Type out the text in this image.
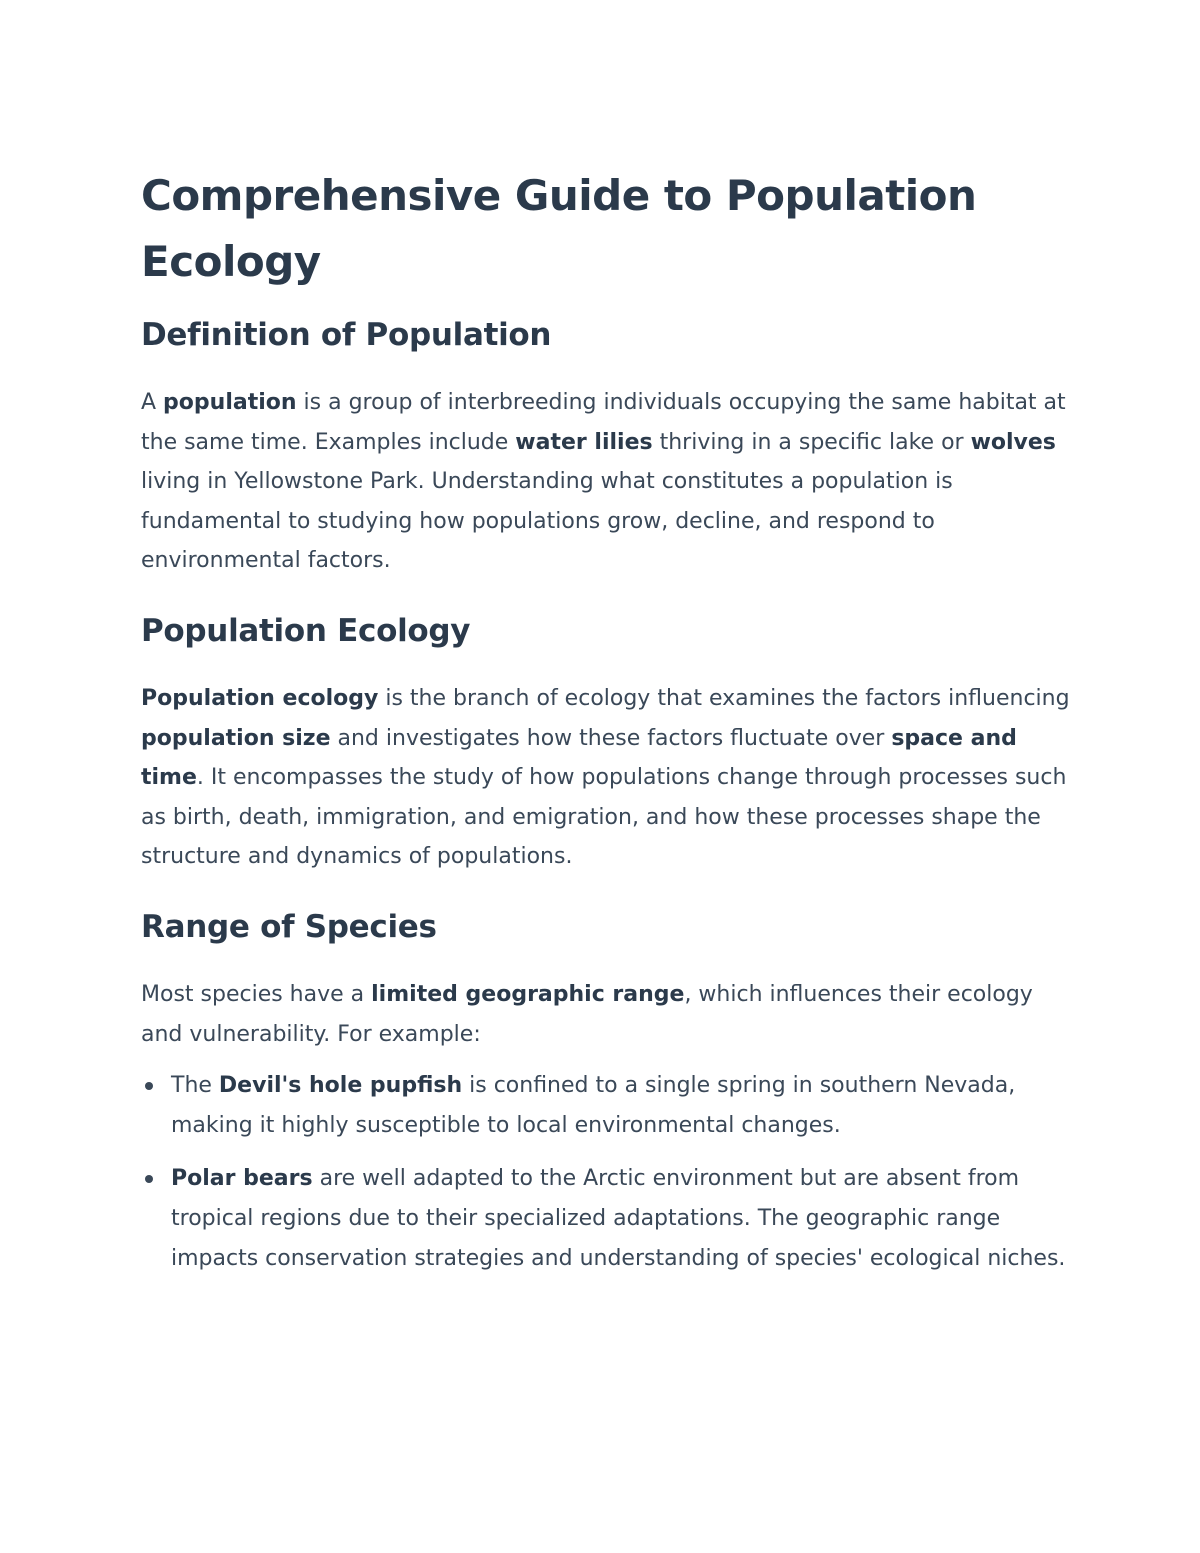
Comprehensive Guide to Population Ecology
Definition of Population

A population is a group of interbreeding individuals occupying the same habitat at the same time. Examples include water lilies thriving in a specific lake or wolves living in Yellowstone Park. Understanding what constitutes a population is fundamental to studying how populations grow, decline, and respond to environmental factors.

Population Ecology

Population ecology is the branch of ecology that examines the factors influencing population size and investigates how these factors fluctuate over space and time. It encompasses the study of how populations change through processes such as birth, death, immigration, and emigration, and how these processes shape the structure and dynamics of populations.

Range of Species

Most species have a limited geographic range, which influences their ecology and vulnerability. For example:

The Devil's hole pupfish is confined to a single spring in southern Nevada, making it highly susceptible to local environmental changes.
Polar bears are well adapted to the Arctic environment but are absent from tropical regions due to their specialized adaptations. The geographic range impacts conservation strategies and understanding of species' ecological niches.
